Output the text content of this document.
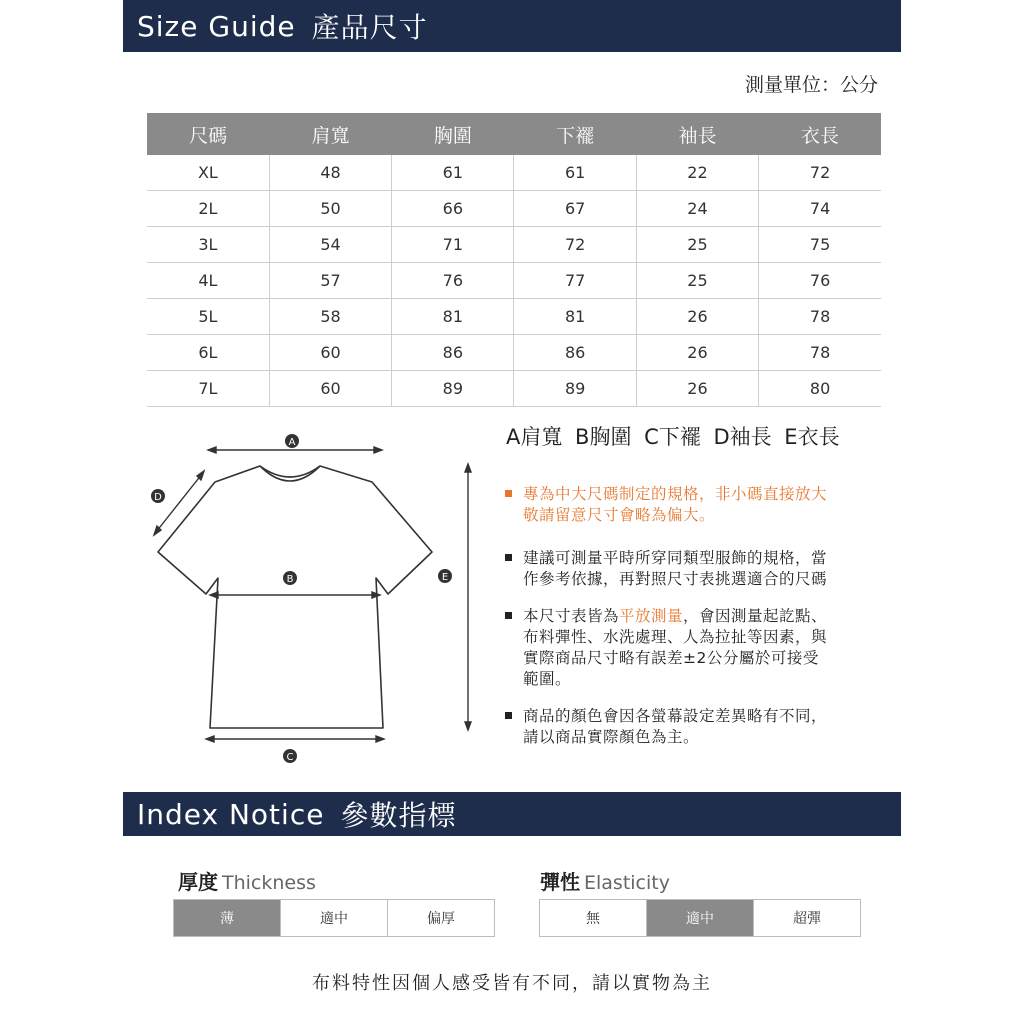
Size Guide 產品尺寸
測量單位：公分
尺碼	肩寬	胸圍	下襬	袖長	衣長
XL	48	61	61	22	72
2L	50	66	67	24	74
3L	54	71	72	25	75
4L	57	76	77	25	76
5L	58	81	81	26	78
6L	60	86	86	26	78
7L	60	89	89	26	80
A
B
C
D
E
A肩寬 B胸圍 C下襬 D袖長 E衣長
專為中大尺碼制定的規格，非小碼直接放大
敬請留意尺寸會略為偏大。
建議可測量平時所穿同類型服飾的規格，當
作參考依據，再對照尺寸表挑選適合的尺碼
本尺寸表皆為平放測量，會因測量起訖點、
布料彈性、水洗處理、人為拉扯等因素，與
實際商品尺寸略有誤差±2公分屬於可接受
範圍。
商品的顏色會因各螢幕設定差異略有不同，
請以商品實際顏色為主。
Index Notice 參數指標
厚度 Thickness
薄	適中	偏厚
彈性 Elasticity
無	適中	超彈
布料特性因個人感受皆有不同，請以實物為主
